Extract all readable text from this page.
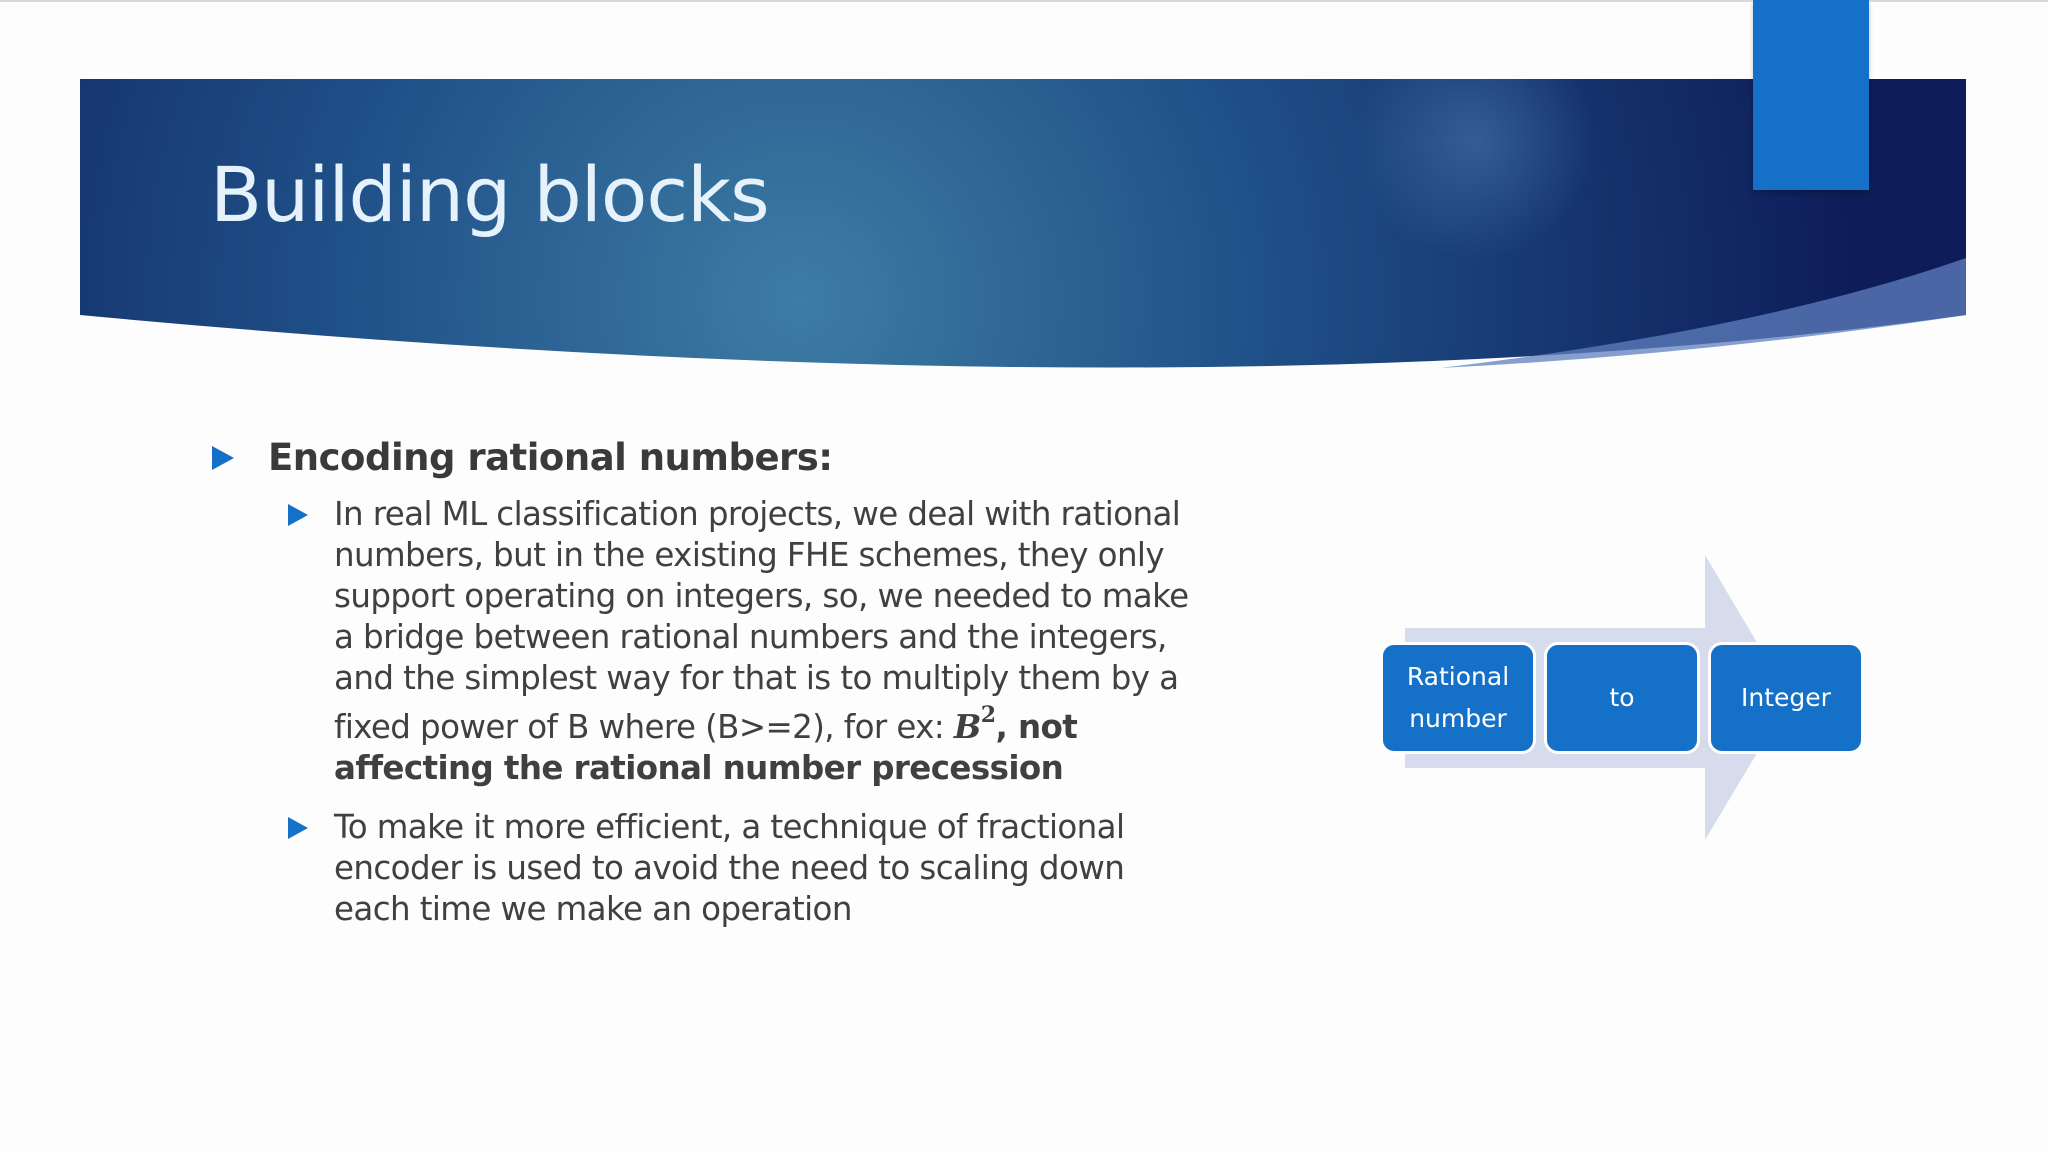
Building blocks
Encoding rational numbers:
In real ML classification projects, we deal with rational numbers, but in the existing FHE schemes, they only support operating on integers, so, we needed to make a bridge between rational numbers and the integers, and the simplest way for that is to multiply them by a fixed power of B where (B>=2), for ex: $B^2$, not affecting the rational number precession
To make it more efficient, a technique of fractional encoder is used to avoid the need to scaling down each time we make an operation
Rational number
to	Integer
